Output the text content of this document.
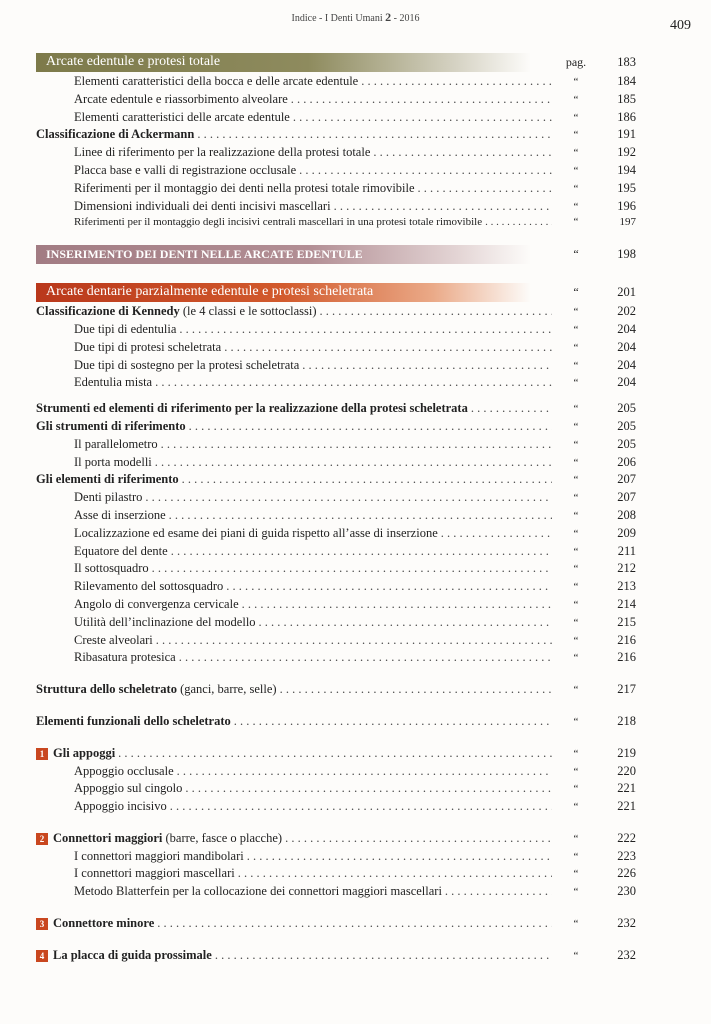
Indice - I Denti Umani 2 - 2016	409
Arcate edentule e protesi totale	pag.	183
Elementi caratteristici della bocca e delle arcate edentule . . .	“	184
Arcate edentule e riassorbimento alveolare . . .	“	185
Elementi caratteristici delle arcate edentule . . .	“	186
Classificazione di Ackermann . . .	“	191
Linee di riferimento per la realizzazione della protesi totale . . .	“	192
Placca base e valli di registrazione occlusale . . .	“	194
Riferimenti per il montaggio dei denti nella protesi totale rimovibile . . .	“	195
Dimensioni individuali dei denti incisivi mascellari . . .	“	196
Riferimenti per il montaggio degli incisivi centrali mascellari in una protesi totale rimovibile . . .	“	197
INSERIMENTO DEI DENTI NELLE ARCATE EDENTULE	“	198
Arcate dentarie parzialmente edentule e protesi scheletrata	“	201
Classificazione di Kennedy (le 4 classi e le sottoclassi) . . .	“	202
Due tipi di edentulia . . .	“	204
Due tipi di protesi scheletrata . . .	“	204
Due tipi di sostegno per la protesi scheletrata . . .	“	204
Edentulia mista . . .	“	204
Strumenti ed elementi di riferimento per la realizzazione della protesi scheletrata . . .	“	205
Gli strumenti di riferimento . . .	“	205
Il parallelometro . . .	“	205
Il porta modelli . . .	“	206
Gli elementi di riferimento . . .	“	207
Denti pilastro . . .	“	207
Asse di inserzione . . .	“	208
Localizzazione ed esame dei piani di guida rispetto all’asse di inserzione . . .	“	209
Equatore del dente . . .	“	211
Il sottosquadro . . .	“	212
Rilevamento del sottosquadro . . .	“	213
Angolo di convergenza cervicale . . .	“	214
Utilità dell’inclinazione del modello . . .	“	215
Creste alveolari . . .	“	216
Ribasatura protesica . . .	“	216
Struttura dello scheletrato (ganci, barre, selle) . . .	“	217
Elementi funzionali dello scheletrato . . .	“	218
1 Gli appoggi . . .	“	219
Appoggio occlusale . . .	“	220
Appoggio sul cingolo . . .	“	221
Appoggio incisivo . . .	“	221
2 Connettori maggiori (barre, fasce o placche) . . .	“	222
I connettori maggiori mandibolari . . .	“	223
I connettori maggiori mascellari . . .	“	226
Metodo Blatterfein per la collocazione dei connettori maggiori mascellari . . .	“	230
3 Connettore minore . . .	“	232
4 La placca di guida prossimale . . .	“	232
